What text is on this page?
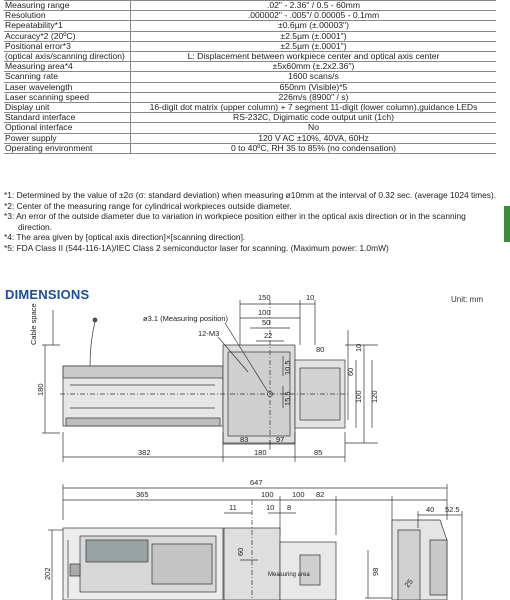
Measuring range	.02" - 2.36" / 0.5 - 60mm
Resolution	.000002" - .005"/ 0.00005 - 0.1mm
Repeatability*1	±0.6µm (±.00003")
Accuracy*2 (20ºC)	±2.5µm (±.0001")
Positional error*3	±2.5µm (±.0001")
(optical axis/scanning direction)	L: Displacement between workpiece center and optical axis center
Measuring area*4	±5x60mm (±.2x2.36")
Scanning rate	1600 scans/s
Laser wavelength	650nm (Visible)*5
Laser scanning speed	226m/s (8900" / s)
Display unit	16-digit dot matrix (upper column) + 7 segment 11-digit (lower column),guidance LEDs
Standard interface	RS-232C, Digimatic code output unit (1ch)
Optional interface	No
Power supply	120 V AC ±10%, 40VA, 60Hz
Operating environment	0 to 40ºC, RH 35 to 85% (no condensation)
*1: Determined by the value of ±2σ (σ: standard deviation) when measuring ø10mm at the interval of 0.32 sec. (average 1024 times).
*2: Center of the measuring range for cylindrical workpieces outside diameter.
*3: An error of the outside diameter due to variation in workpiece position either in the optical axis direction or in the scanning
direction.
*4: The area given by [optical axis direction]×[scanning direction].
*5: FDA Class II (544-116-1A)/IEC Class 2 semiconductor laser for scanning. (Maximum power: 1.0mW)
DIMENSIONS	Unit: mm
150	10
100
50
22
ø3.1 (Measuring position)
12-M3
Cable space
180
80
10.5
15.5
10
60
100 120
83	97
382	180	85
647
365	100 100 82
11	10 8
60
202	Measuring area	98
40 52.5
25
